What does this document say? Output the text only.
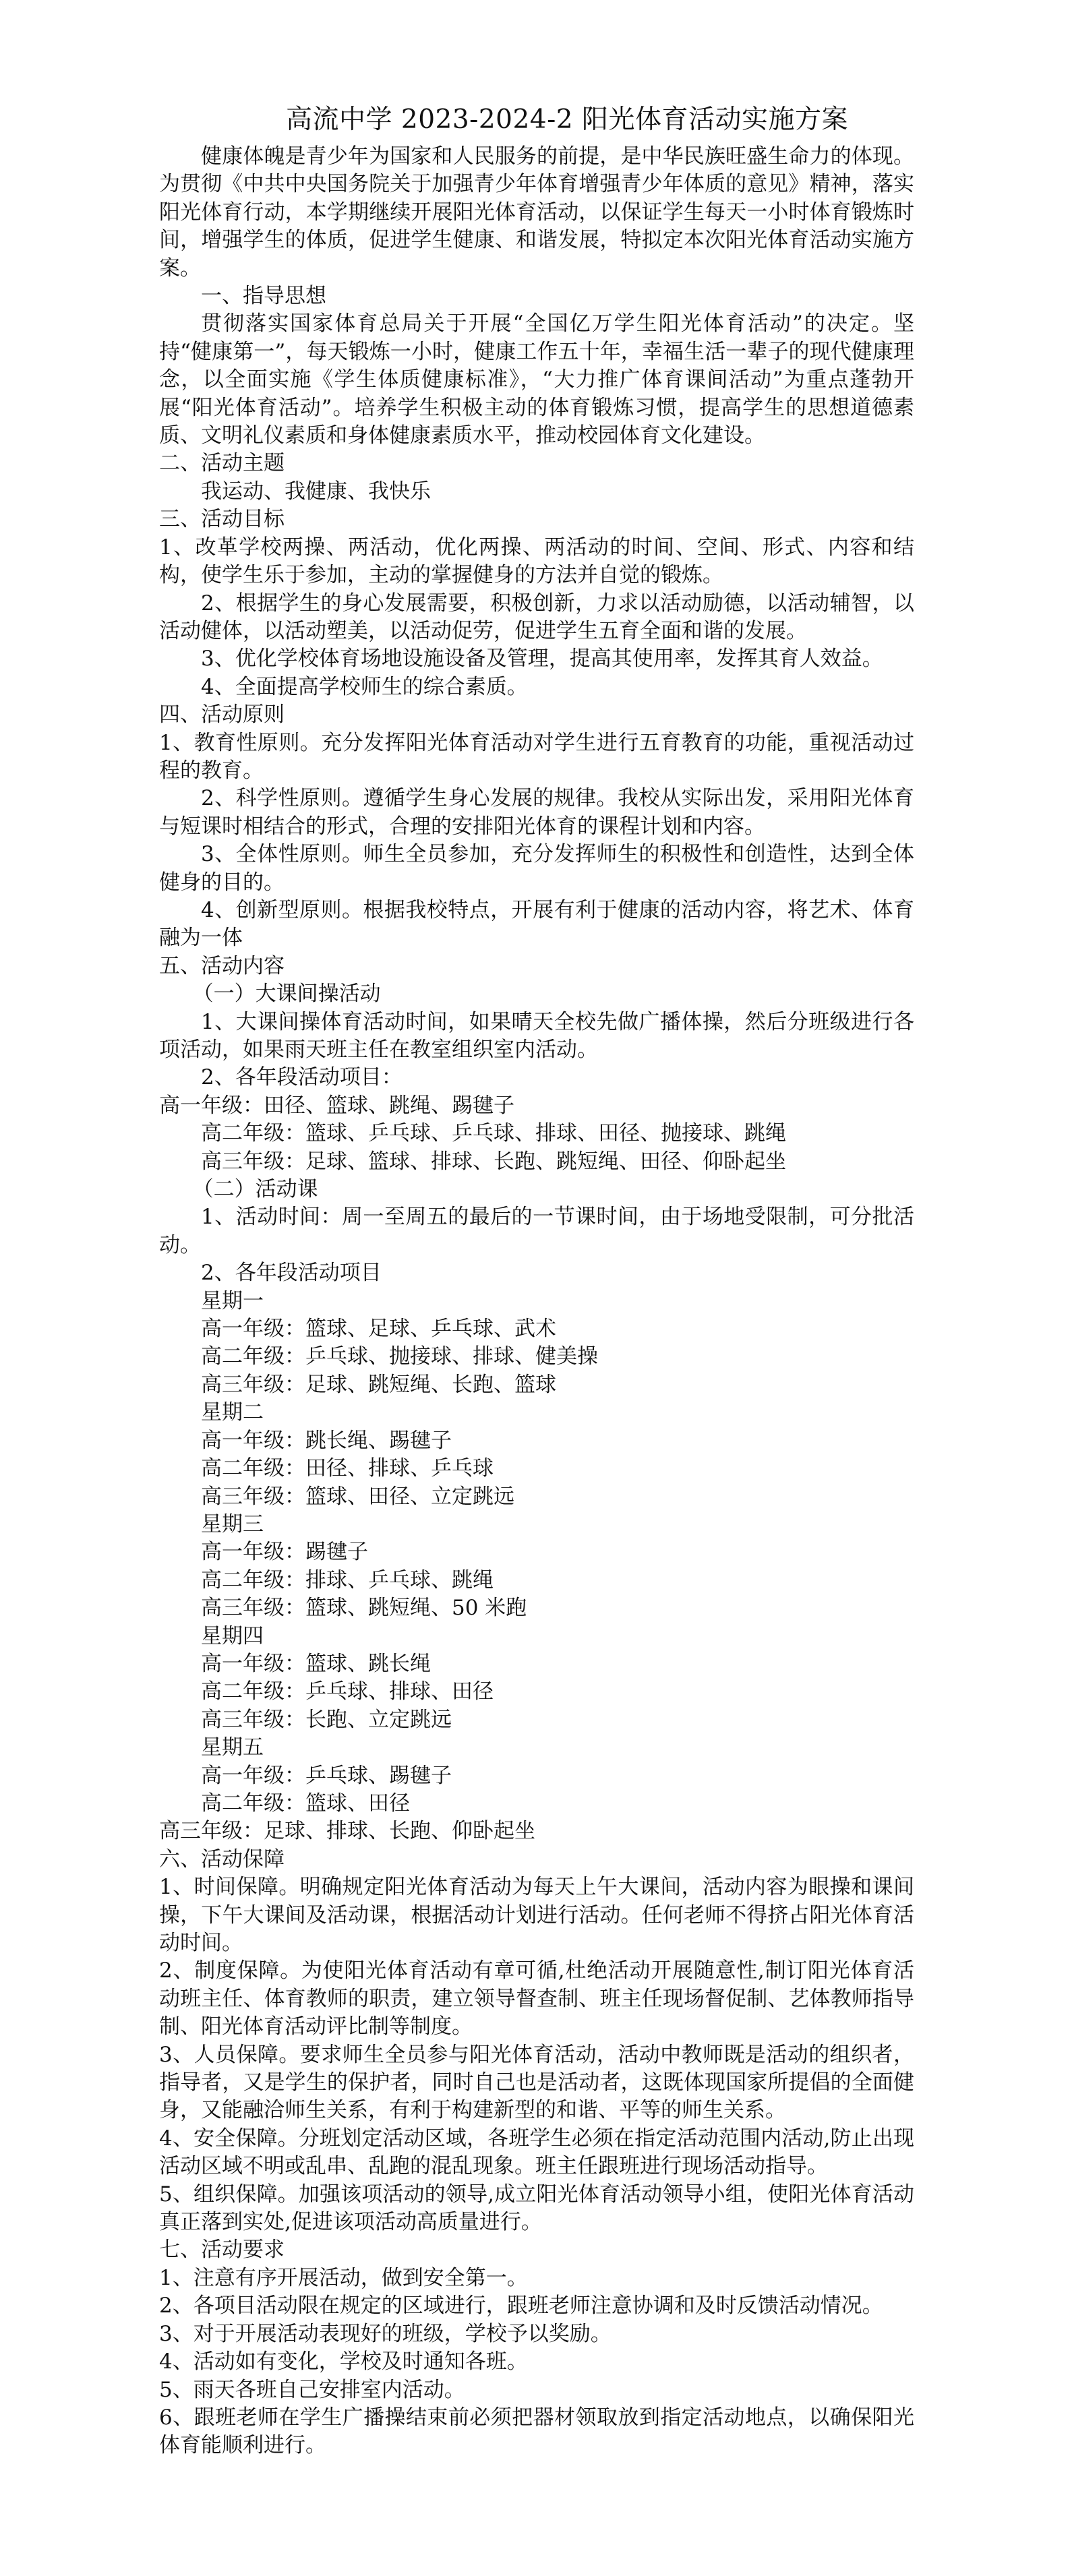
高流中学 2023-2024-2 阳光体育活动实施方案

健康体魄是青少年为国家和人民服务的前提，是中华民族旺盛生命力的体现。为贯彻《中共中央国务院关于加强青少年体育增强青少年体质的意见》精神，落实阳光体育行动，本学期继续开展阳光体育活动，以保证学生每天一小时体育锻炼时间，增强学生的体质，促进学生健康、和谐发展，特拟定本次阳光体育活动实施方案。

一、指导思想

贯彻落实国家体育总局关于开展“全国亿万学生阳光体育活动”的决定。坚持“健康第一”，每天锻炼一小时，健康工作五十年，幸福生活一辈子的现代健康理念，以全面实施《学生体质健康标准》，“大力推广体育课间活动”为重点蓬勃开展“阳光体育活动”。培养学生积极主动的体育锻炼习惯，提高学生的思想道德素质、文明礼仪素质和身体健康素质水平，推动校园体育文化建设。

二、活动主题

我运动、我健康、我快乐

三、活动目标

1、改革学校两操、两活动，优化两操、两活动的时间、空间、形式、内容和结构，使学生乐于参加，主动的掌握健身的方法并自觉的锻炼。

2、根据学生的身心发展需要，积极创新，力求以活动励德，以活动辅智，以活动健体，以活动塑美，以活动促劳，促进学生五育全面和谐的发展。

3、优化学校体育场地设施设备及管理，提高其使用率，发挥其育人效益。

4、全面提高学校师生的综合素质。

四、活动原则

1、教育性原则。充分发挥阳光体育活动对学生进行五育教育的功能，重视活动过程的教育。

2、科学性原则。遵循学生身心发展的规律。我校从实际出发，采用阳光体育与短课时相结合的形式，合理的安排阳光体育的课程计划和内容。

3、全体性原则。师生全员参加，充分发挥师生的积极性和创造性，达到全体健身的目的。

4、创新型原则。根据我校特点，开展有利于健康的活动内容，将艺术、体育融为一体

五、活动内容

（一）大课间操活动

1、大课间操体育活动时间，如果晴天全校先做广播体操，然后分班级进行各项活动，如果雨天班主任在教室组织室内活动。

2、各年段活动项目：

高一年级：田径、篮球、跳绳、踢毽子

高二年级：篮球、乒乓球、乒乓球、排球、田径、抛接球、跳绳

高三年级：足球、篮球、排球、长跑、跳短绳、田径、仰卧起坐

（二）活动课

1、活动时间：周一至周五的最后的一节课时间，由于场地受限制，可分批活动。

2、各年段活动项目

星期一

高一年级：篮球、足球、乒乓球、武术

高二年级：乒乓球、抛接球、排球、健美操

高三年级：足球、跳短绳、长跑、篮球

星期二

高一年级：跳长绳、踢毽子

高二年级：田径、排球、乒乓球

高三年级：篮球、田径、立定跳远

星期三

高一年级：踢毽子

高二年级：排球、乒乓球、跳绳

高三年级：篮球、跳短绳、50 米跑

星期四

高一年级：篮球、跳长绳

高二年级：乒乓球、排球、田径

高三年级：长跑、立定跳远

星期五

高一年级：乒乓球、踢毽子

高二年级：篮球、田径

高三年级：足球、排球、长跑、仰卧起坐

六、活动保障

1、时间保障。明确规定阳光体育活动为每天上午大课间，活动内容为眼操和课间操，下午大课间及活动课，根据活动计划进行活动。任何老师不得挤占阳光体育活动时间。

2、制度保障。为使阳光体育活动有章可循,杜绝活动开展随意性,制订阳光体育活动班主任、体育教师的职责，建立领导督查制、班主任现场督促制、艺体教师指导制、阳光体育活动评比制等制度。

3、人员保障。要求师生全员参与阳光体育活动，活动中教师既是活动的组织者，指导者，又是学生的保护者，同时自己也是活动者，这既体现国家所提倡的全面健身，又能融洽师生关系，有利于构建新型的和谐、平等的师生关系。

4、安全保障。分班划定活动区域，各班学生必须在指定活动范围内活动,防止出现活动区域不明或乱串、乱跑的混乱现象。班主任跟班进行现场活动指导。

5、组织保障。加强该项活动的领导,成立阳光体育活动领导小组，使阳光体育活动真正落到实处,促进该项活动高质量进行。

七、活动要求

1、注意有序开展活动，做到安全第一。

2、各项目活动限在规定的区域进行，跟班老师注意协调和及时反馈活动情况。

3、对于开展活动表现好的班级，学校予以奖励。

4、活动如有变化，学校及时通知各班。

5、雨天各班自己安排室内活动。

6、跟班老师在学生广播操结束前必须把器材领取放到指定活动地点，以确保阳光体育能顺利进行。
